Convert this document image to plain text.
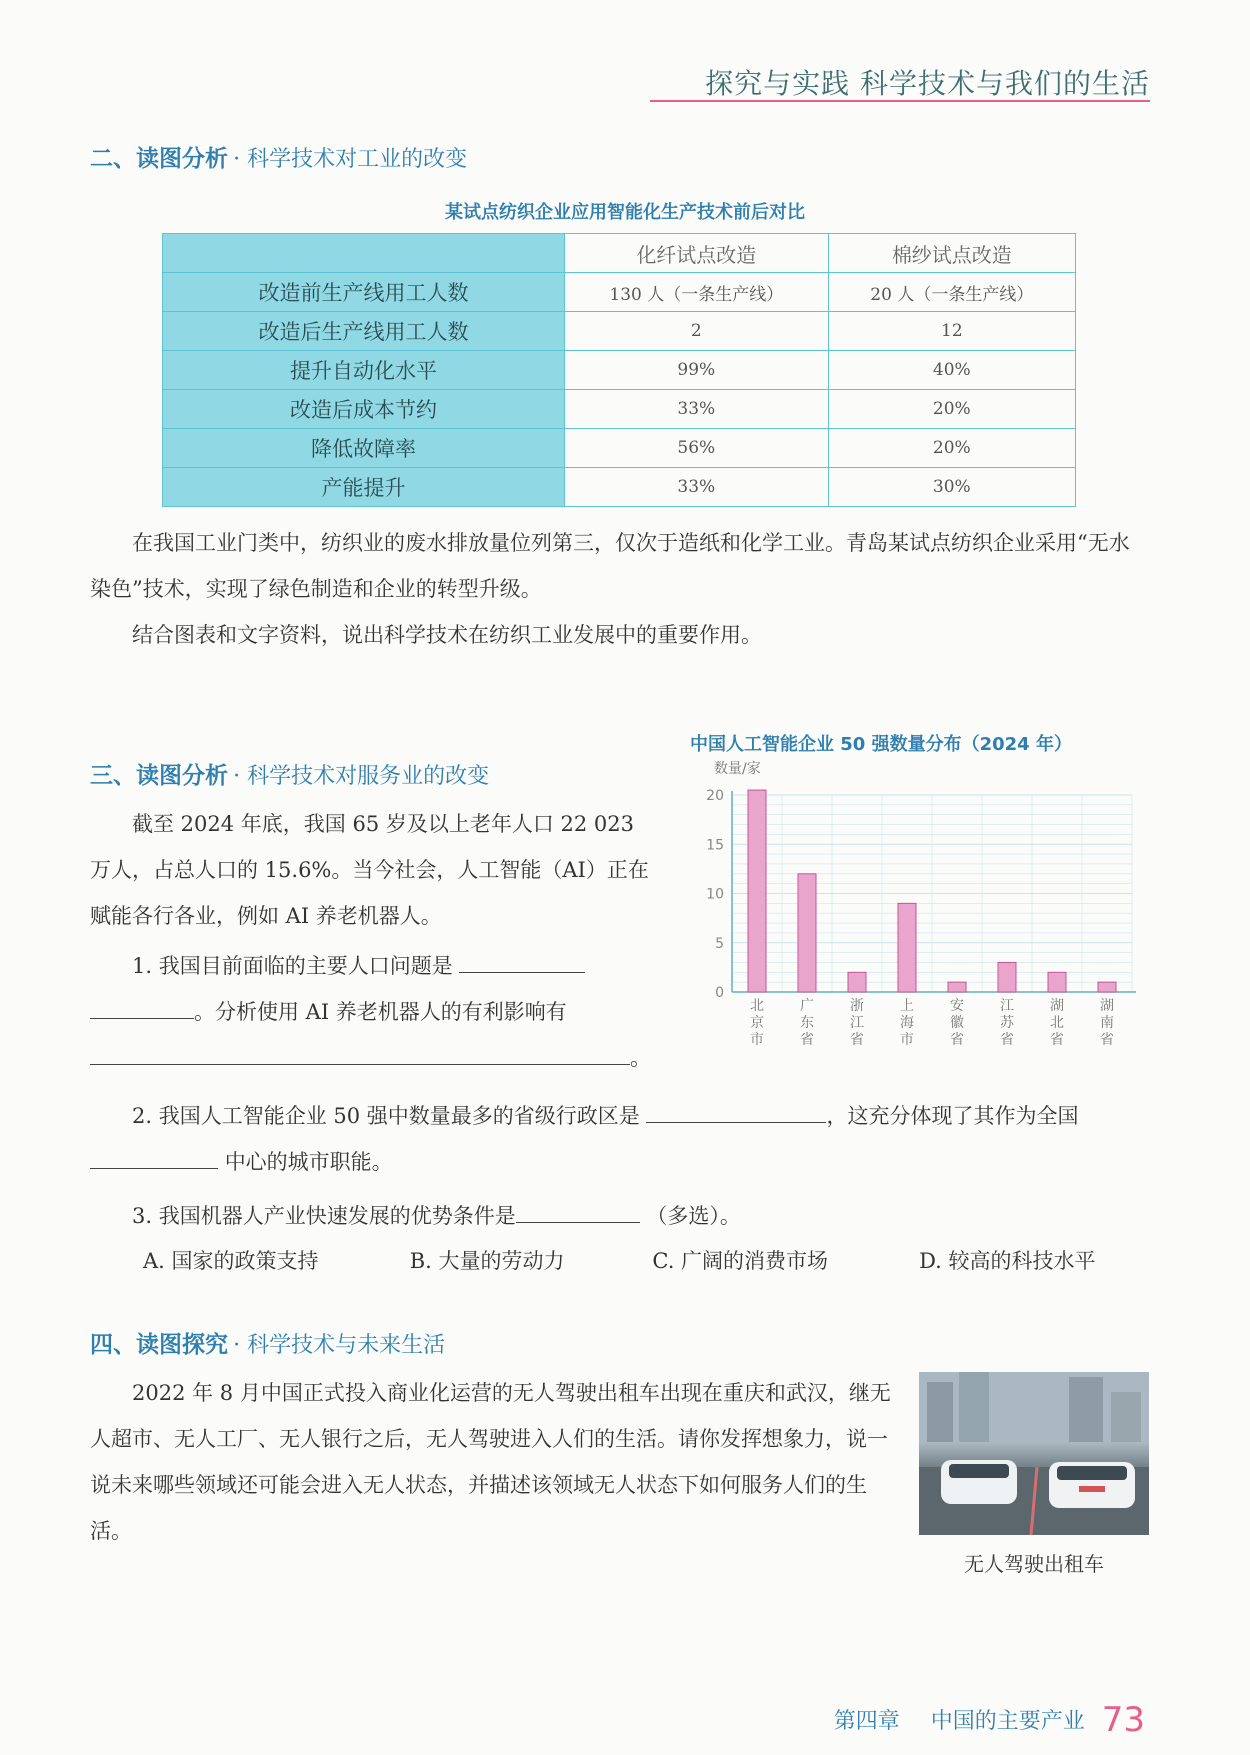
探究与实践 科学技术与我们的生活
二、读图分析 · 科学技术对工业的改变
某试点纺织企业应用智能化生产技术前后对比
	化纤试点改造	棉纱试点改造
改造前生产线用工人数	130 人（一条生产线）	20 人（一条生产线）
改造后生产线用工人数	2	12
提升自动化水平	99%	40%
改造后成本节约	33%	20%
降低故障率	56%	20%
产能提升	33%	30%

在我国工业门类中，纺织业的废水排放量位列第三，仅次于造纸和化学工业。青岛某试点纺织企业采用“无水染色”技术，实现了绿色制造和企业的转型升级。

结合图表和文字资料，说出科学技术在纺织工业发展中的重要作用。

三、读图分析 · 科学技术对服务业的改变

截至 2024 年底，我国 65 岁及以上老年人口 22 023 万人，占总人口的 15.6%。当今社会，人工智能（AI）正在赋能各行各业，例如 AI 养老机器人。

1. 我国目前面临的主要人口问题是  。分析使用 AI 养老机器人的有利影响有 。

中国人工智能企业 50 强数量分布（2024 年）
数量/家
0
5
10
15
20
北京市
广东省
浙江省
上海市
安徽省
江苏省
湖北省
湖南省

2. 我国人工智能企业 50 强中数量最多的省级行政区是	，这充分体现了其作为全国

中心的城市职能。

3. 我国机器人产业快速发展的优势条件是	（多选）。

A. 国家的政策支持	B. 大量的劳动力	C. 广阔的消费市场	D. 较高的科技水平
四、读图探究 · 科学技术与未来生活

2022 年 8 月中国正式投入商业化运营的无人驾驶出租车出现在重庆和武汉，继无人超市、无人工厂、无人银行之后，无人驾驶进入人们的生活。请你发挥想象力，说一说未来哪些领域还可能会进入无人状态，并描述该领域无人状态下如何服务人们的生活。

无人驾驶出租车
第四章 中国的主要产业 73
